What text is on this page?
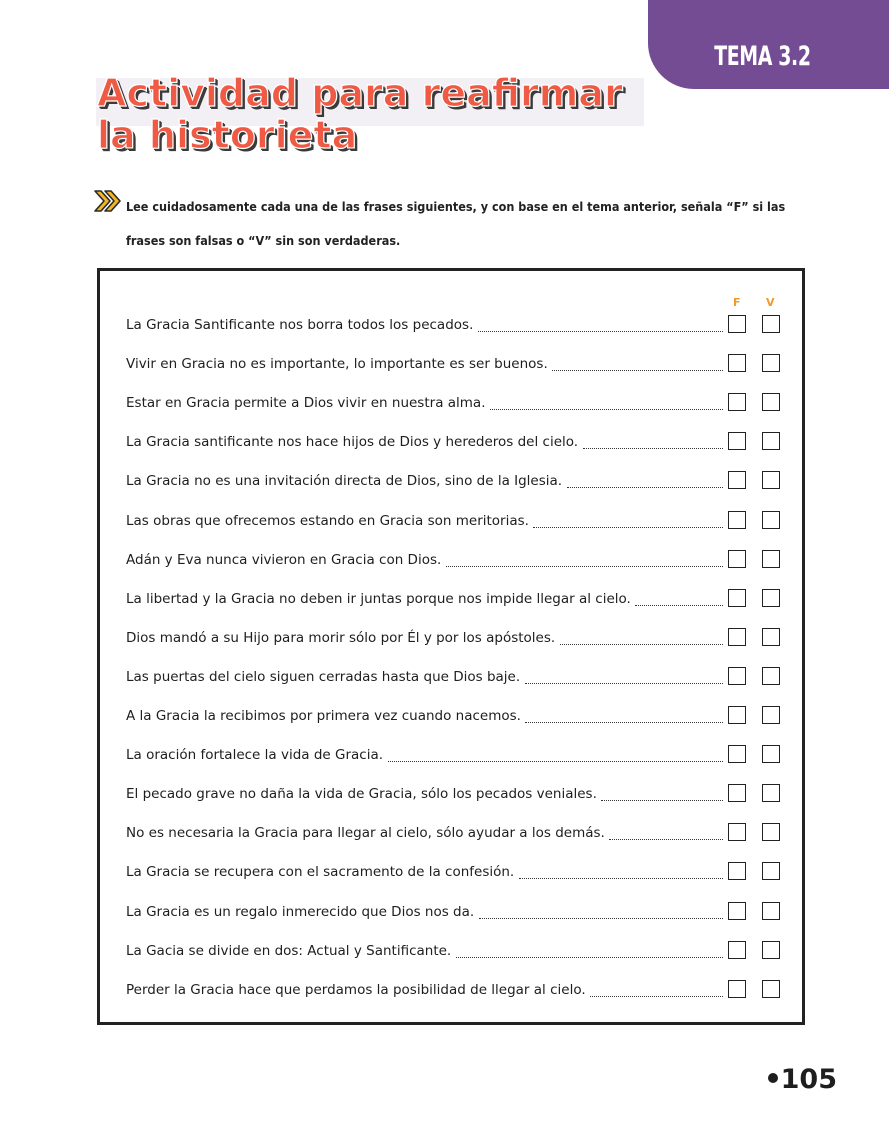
TEMA 3.2
Actividad para reafirmar
la historieta

Lee cuidadosamente cada una de las frases siguientes, y con base en el tema anterior, señala “F” si las frases son falsas o “V” sin son verdaderas.

F V
La Gracia Santificante nos borra todos los pecados.
Vivir en Gracia no es importante, lo importante es ser buenos.
Estar en Gracia permite a Dios vivir en nuestra alma.
La Gracia santificante nos hace hijos de Dios y herederos del cielo.
La Gracia no es una invitación directa de Dios, sino de la Iglesia.
Las obras que ofrecemos estando en Gracia son meritorias.
Adán y Eva nunca vivieron en Gracia con Dios.
La libertad y la Gracia no deben ir juntas porque nos impide llegar al cielo.
Dios mandó a su Hijo para morir sólo por Él y por los apóstoles.
Las puertas del cielo siguen cerradas hasta que Dios baje.
A la Gracia la recibimos por primera vez cuando nacemos.
La oración fortalece la vida de Gracia.
El pecado grave no daña la vida de Gracia, sólo los pecados veniales.
No es necesaria la Gracia para llegar al cielo, sólo ayudar a los demás.
La Gracia se recupera con el sacramento de la confesión.
La Gracia es un regalo inmerecido que Dios nos da.
La Gacia se divide en dos: Actual y Santificante.
Perder la Gracia hace que perdamos la posibilidad de llegar al cielo.
105
